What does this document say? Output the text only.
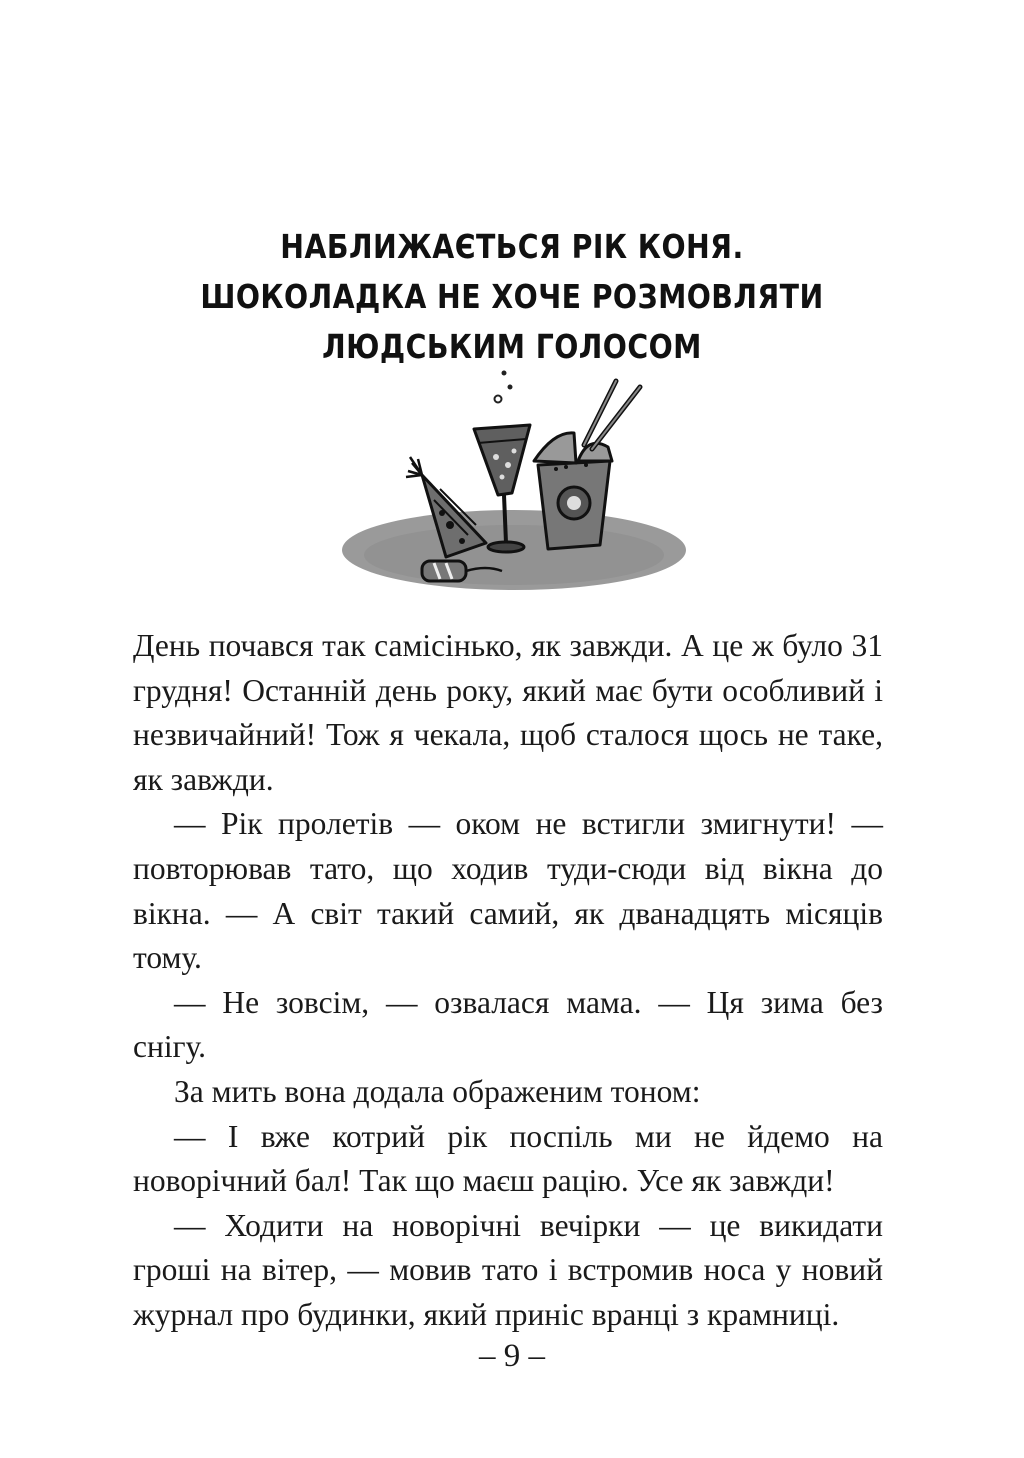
НАБЛИЖАЄТЬСЯ РІК КОНЯ.
ШОКОЛАДКА НЕ ХОЧЕ РОЗМОВЛЯТИ
ЛЮДСЬКИМ ГОЛОСОМ

День почався так самісінько, як завжди. А це ж було 31 грудня! Останній день року, який має бути особливий і незвичайний! Тож я чекала, щоб сталося щось не таке, як завжди.

— Рік пролетів — оком не встигли змигнути! — повторював тато, що ходив туди-сюди від вікна до вікна. — А світ такий самий, як дванадцять місяців тому.

— Не зовсім, — озвалася мама. — Ця зима без снігу.

За мить вона додала ображеним тоном:

— І вже котрий рік поспіль ми не йдемо на новорічний бал! Так що маєш рацію. Усе як завжди!

— Ходити на новорічні вечірки — це викидати гроші на вітер, — мовив тато і встромив носа у новий журнал про будинки, який приніс вранці з крамниці.

– 9 –
